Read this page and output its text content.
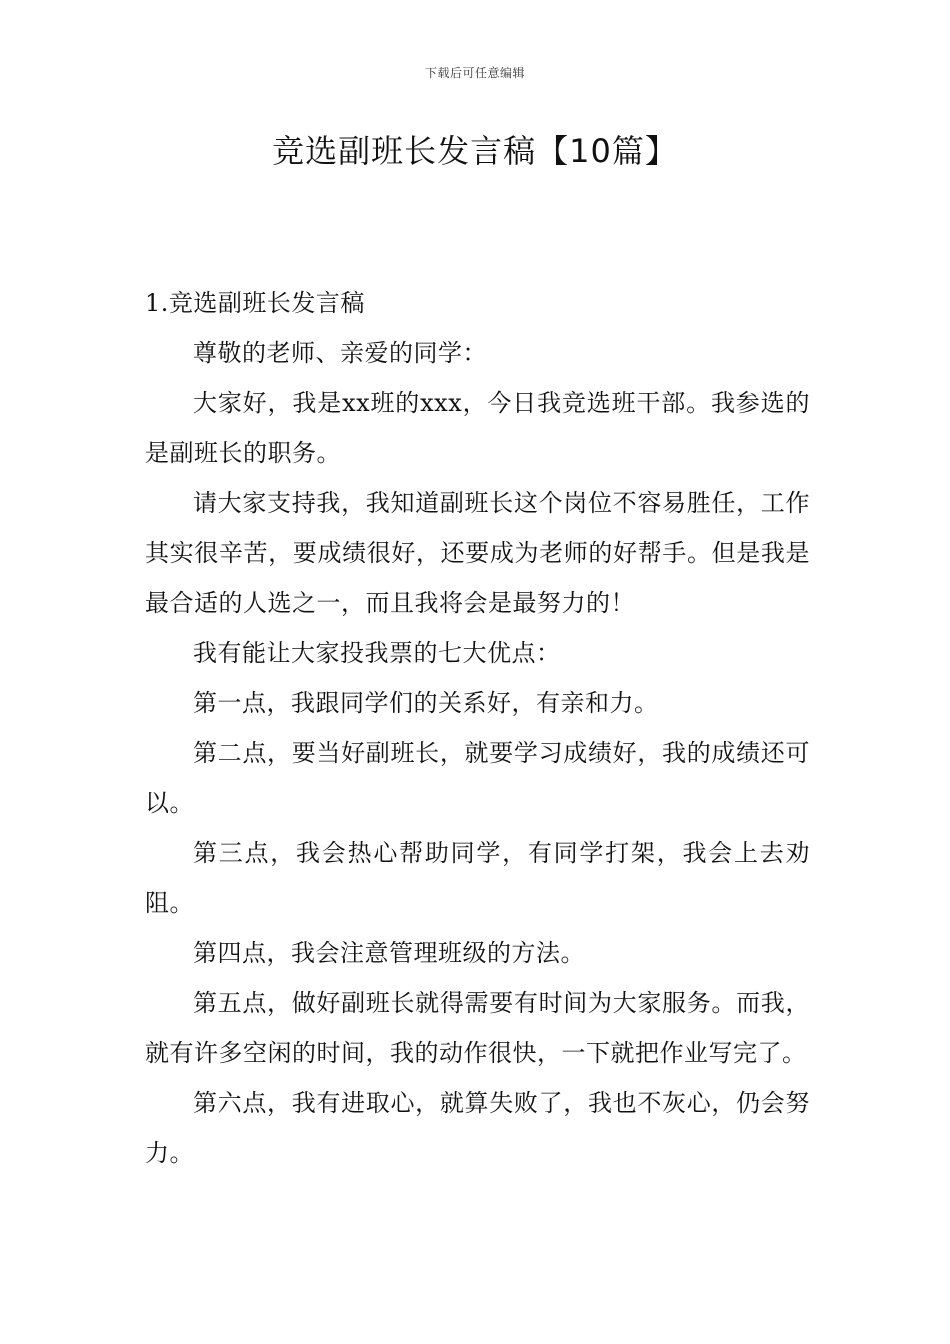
下载后可任意编辑
竞选副班长发言稿【10篇】

1.竞选副班长发言稿

尊敬的老师、亲爱的同学：

大家好，我是xx班的xxx，今日我竞选班干部。我参选的是副班长的职务。

请大家支持我，我知道副班长这个岗位不容易胜任，工作其实很辛苦，要成绩很好，还要成为老师的好帮手。但是我是最合适的人选之一，而且我将会是最努力的！

我有能让大家投我票的七大优点：

第一点，我跟同学们的关系好，有亲和力。

第二点，要当好副班长，就要学习成绩好，我的成绩还可以。

第三点，我会热心帮助同学，有同学打架，我会上去劝阻。

第四点，我会注意管理班级的方法。

第五点，做好副班长就得需要有时间为大家服务。而我，就有许多空闲的时间，我的动作很快，一下就把作业写完了。

第六点，我有进取心，就算失败了，我也不灰心，仍会努力。
